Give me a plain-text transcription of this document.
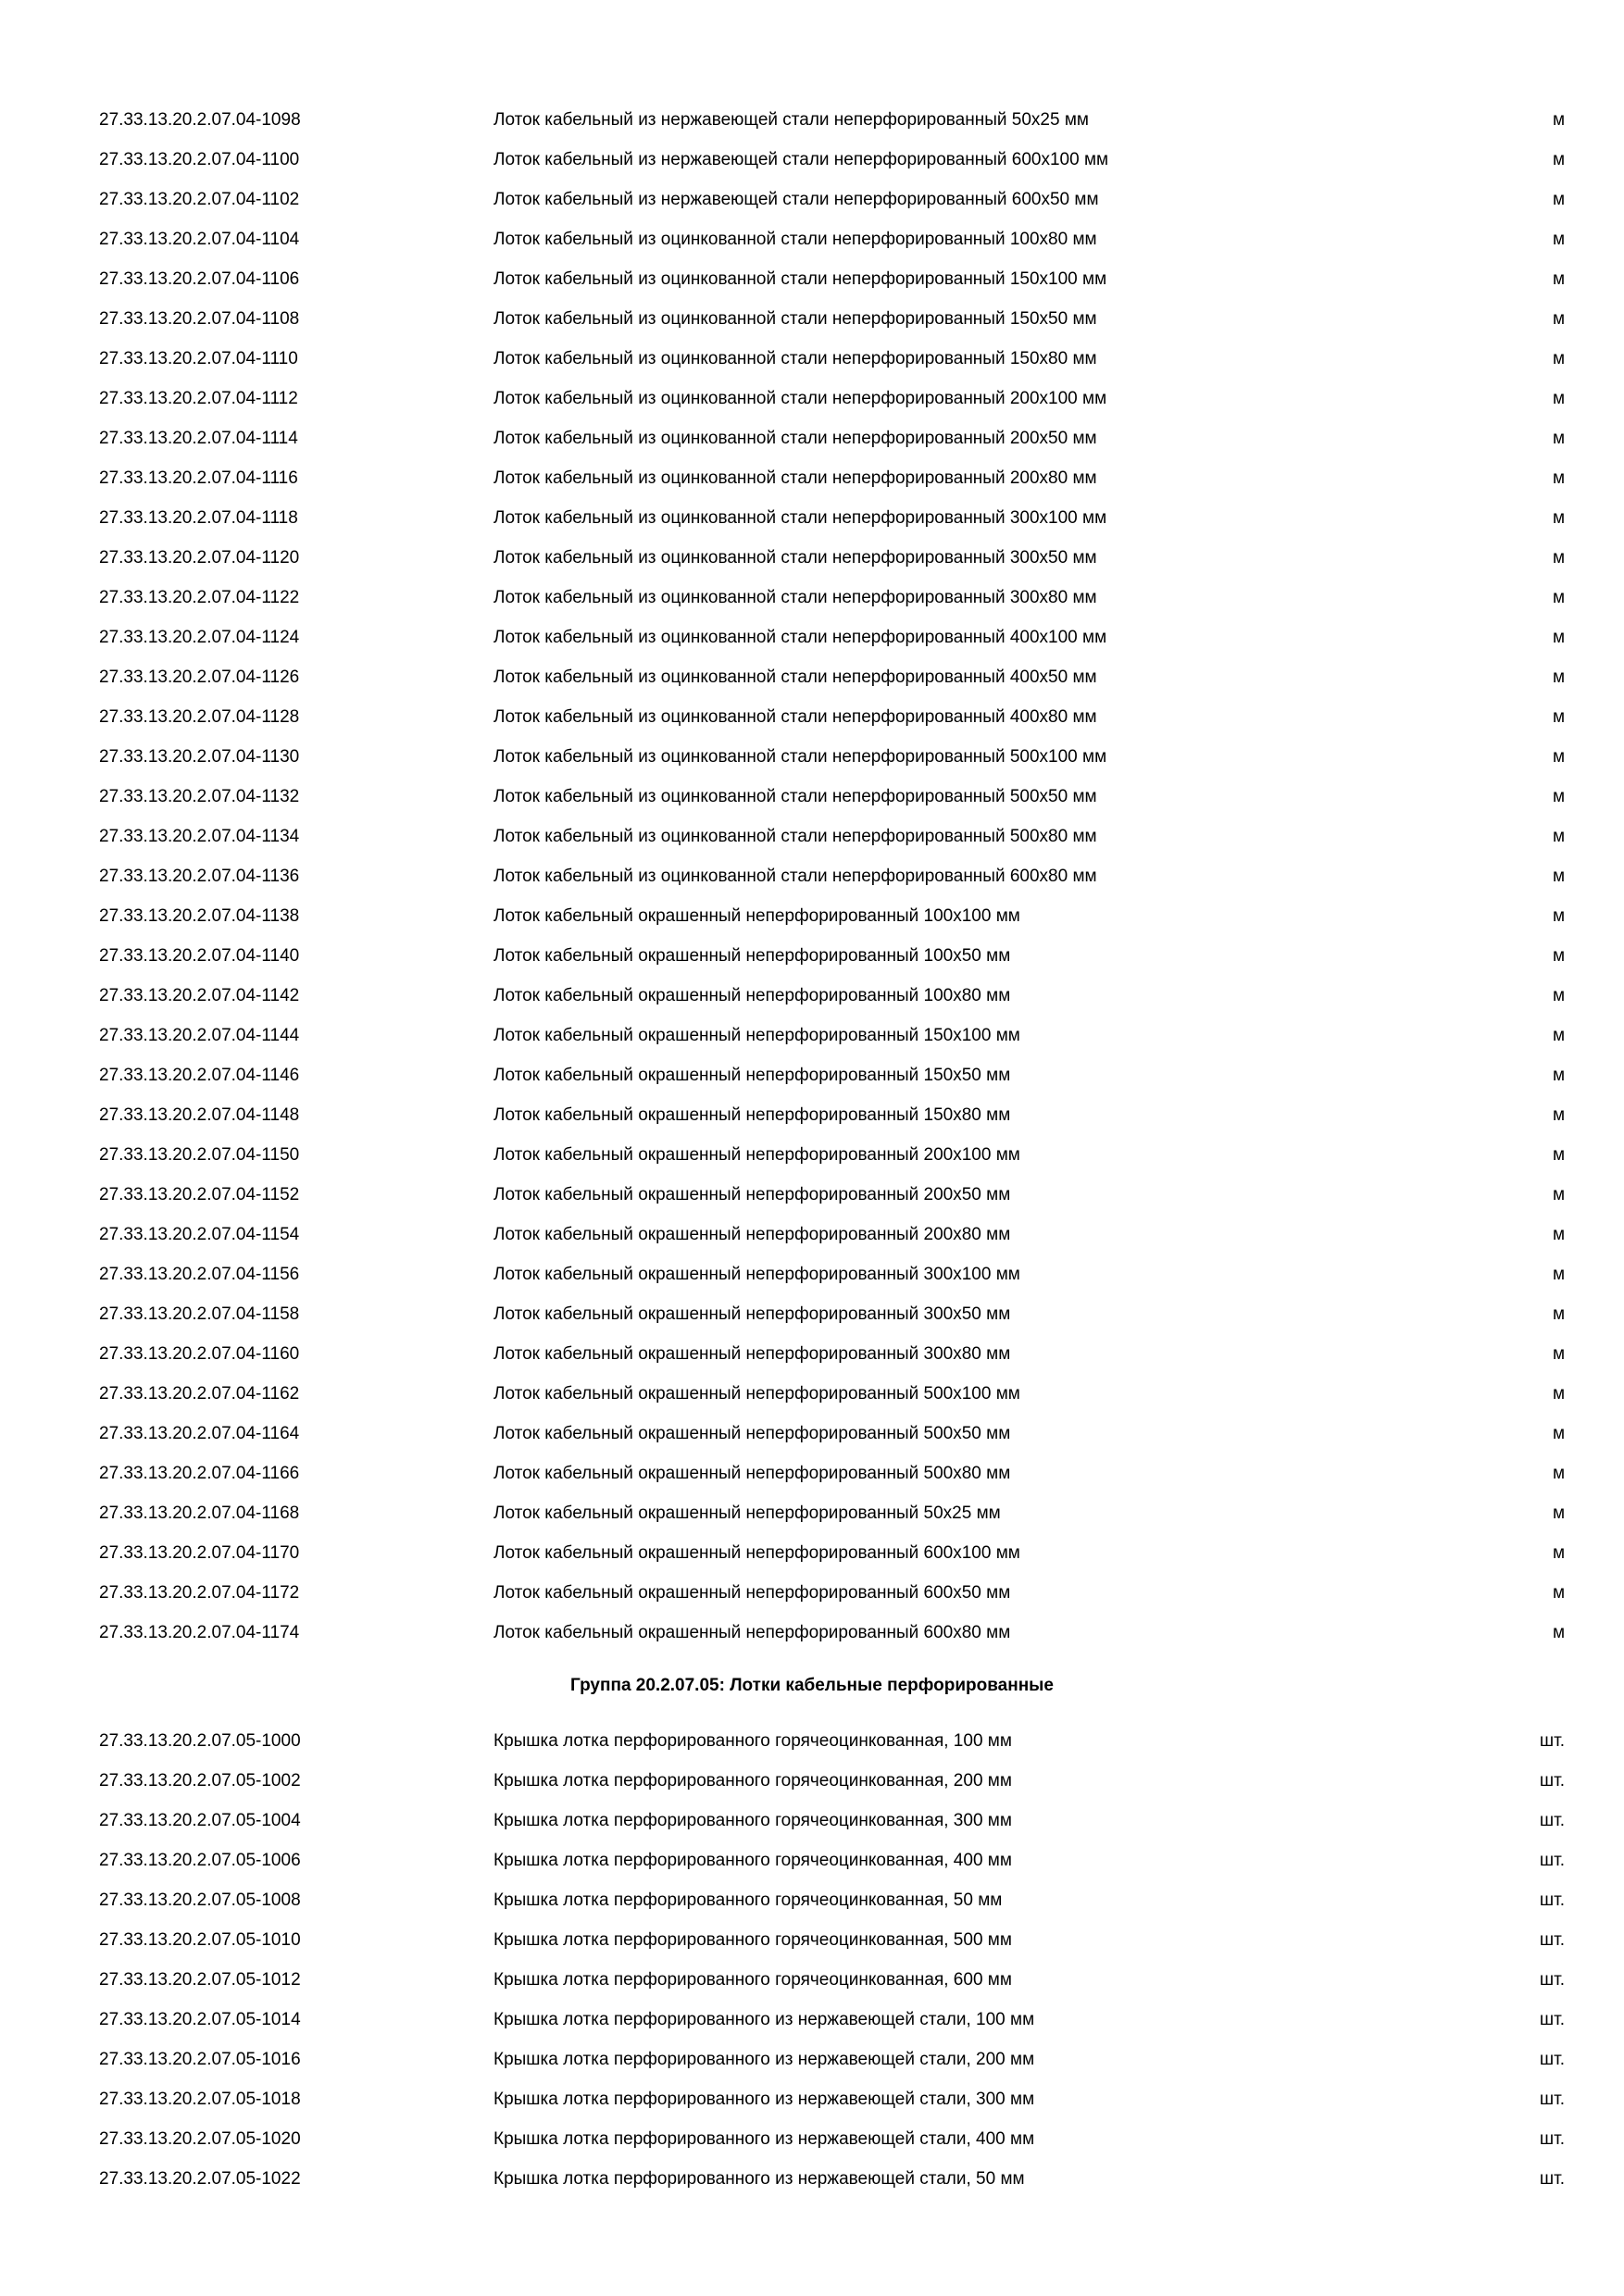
27.33.13.20.2.07.04-1098	Лоток кабельный из нержавеющей стали неперфорированный 50х25 мм	м
27.33.13.20.2.07.04-1100	Лоток кабельный из нержавеющей стали неперфорированный 600х100 мм	м
27.33.13.20.2.07.04-1102	Лоток кабельный из нержавеющей стали неперфорированный 600х50 мм	м
27.33.13.20.2.07.04-1104	Лоток кабельный из оцинкованной стали неперфорированный 100х80 мм	м
27.33.13.20.2.07.04-1106	Лоток кабельный из оцинкованной стали неперфорированный 150х100 мм	м
27.33.13.20.2.07.04-1108	Лоток кабельный из оцинкованной стали неперфорированный 150х50 мм	м
27.33.13.20.2.07.04-1110	Лоток кабельный из оцинкованной стали неперфорированный 150х80 мм	м
27.33.13.20.2.07.04-1112	Лоток кабельный из оцинкованной стали неперфорированный 200х100 мм	м
27.33.13.20.2.07.04-1114	Лоток кабельный из оцинкованной стали неперфорированный 200х50 мм	м
27.33.13.20.2.07.04-1116	Лоток кабельный из оцинкованной стали неперфорированный 200х80 мм	м
27.33.13.20.2.07.04-1118	Лоток кабельный из оцинкованной стали неперфорированный 300х100 мм	м
27.33.13.20.2.07.04-1120	Лоток кабельный из оцинкованной стали неперфорированный 300х50 мм	м
27.33.13.20.2.07.04-1122	Лоток кабельный из оцинкованной стали неперфорированный 300х80 мм	м
27.33.13.20.2.07.04-1124	Лоток кабельный из оцинкованной стали неперфорированный 400х100 мм	м
27.33.13.20.2.07.04-1126	Лоток кабельный из оцинкованной стали неперфорированный 400х50 мм	м
27.33.13.20.2.07.04-1128	Лоток кабельный из оцинкованной стали неперфорированный 400х80 мм	м
27.33.13.20.2.07.04-1130	Лоток кабельный из оцинкованной стали неперфорированный 500х100 мм	м
27.33.13.20.2.07.04-1132	Лоток кабельный из оцинкованной стали неперфорированный 500х50 мм	м
27.33.13.20.2.07.04-1134	Лоток кабельный из оцинкованной стали неперфорированный 500х80 мм	м
27.33.13.20.2.07.04-1136	Лоток кабельный из оцинкованной стали неперфорированный 600х80 мм	м
27.33.13.20.2.07.04-1138	Лоток кабельный окрашенный неперфорированный 100х100 мм	м
27.33.13.20.2.07.04-1140	Лоток кабельный окрашенный неперфорированный 100х50 мм	м
27.33.13.20.2.07.04-1142	Лоток кабельный окрашенный неперфорированный 100х80 мм	м
27.33.13.20.2.07.04-1144	Лоток кабельный окрашенный неперфорированный 150х100 мм	м
27.33.13.20.2.07.04-1146	Лоток кабельный окрашенный неперфорированный 150х50 мм	м
27.33.13.20.2.07.04-1148	Лоток кабельный окрашенный неперфорированный 150х80 мм	м
27.33.13.20.2.07.04-1150	Лоток кабельный окрашенный неперфорированный 200х100 мм	м
27.33.13.20.2.07.04-1152	Лоток кабельный окрашенный неперфорированный 200х50 мм	м
27.33.13.20.2.07.04-1154	Лоток кабельный окрашенный неперфорированный 200х80 мм	м
27.33.13.20.2.07.04-1156	Лоток кабельный окрашенный неперфорированный 300х100 мм	м
27.33.13.20.2.07.04-1158	Лоток кабельный окрашенный неперфорированный 300х50 мм	м
27.33.13.20.2.07.04-1160	Лоток кабельный окрашенный неперфорированный 300х80 мм	м
27.33.13.20.2.07.04-1162	Лоток кабельный окрашенный неперфорированный 500х100 мм	м
27.33.13.20.2.07.04-1164	Лоток кабельный окрашенный неперфорированный 500х50 мм	м
27.33.13.20.2.07.04-1166	Лоток кабельный окрашенный неперфорированный 500х80 мм	м
27.33.13.20.2.07.04-1168	Лоток кабельный окрашенный неперфорированный 50х25 мм	м
27.33.13.20.2.07.04-1170	Лоток кабельный окрашенный неперфорированный 600х100 мм	м
27.33.13.20.2.07.04-1172	Лоток кабельный окрашенный неперфорированный 600х50 мм	м
27.33.13.20.2.07.04-1174	Лоток кабельный окрашенный неперфорированный 600х80 мм	м
Группа 20.2.07.05: Лотки кабельные перфорированные
27.33.13.20.2.07.05-1000	Крышка лотка перфорированного горячеоцинкованная, 100 мм	шт.
27.33.13.20.2.07.05-1002	Крышка лотка перфорированного горячеоцинкованная, 200 мм	шт.
27.33.13.20.2.07.05-1004	Крышка лотка перфорированного горячеоцинкованная, 300 мм	шт.
27.33.13.20.2.07.05-1006	Крышка лотка перфорированного горячеоцинкованная, 400 мм	шт.
27.33.13.20.2.07.05-1008	Крышка лотка перфорированного горячеоцинкованная, 50 мм	шт.
27.33.13.20.2.07.05-1010	Крышка лотка перфорированного горячеоцинкованная, 500 мм	шт.
27.33.13.20.2.07.05-1012	Крышка лотка перфорированного горячеоцинкованная, 600 мм	шт.
27.33.13.20.2.07.05-1014	Крышка лотка перфорированного из нержавеющей стали, 100 мм	шт.
27.33.13.20.2.07.05-1016	Крышка лотка перфорированного из нержавеющей стали, 200 мм	шт.
27.33.13.20.2.07.05-1018	Крышка лотка перфорированного из нержавеющей стали, 300 мм	шт.
27.33.13.20.2.07.05-1020	Крышка лотка перфорированного из нержавеющей стали, 400 мм	шт.
27.33.13.20.2.07.05-1022	Крышка лотка перфорированного из нержавеющей стали, 50 мм	шт.
